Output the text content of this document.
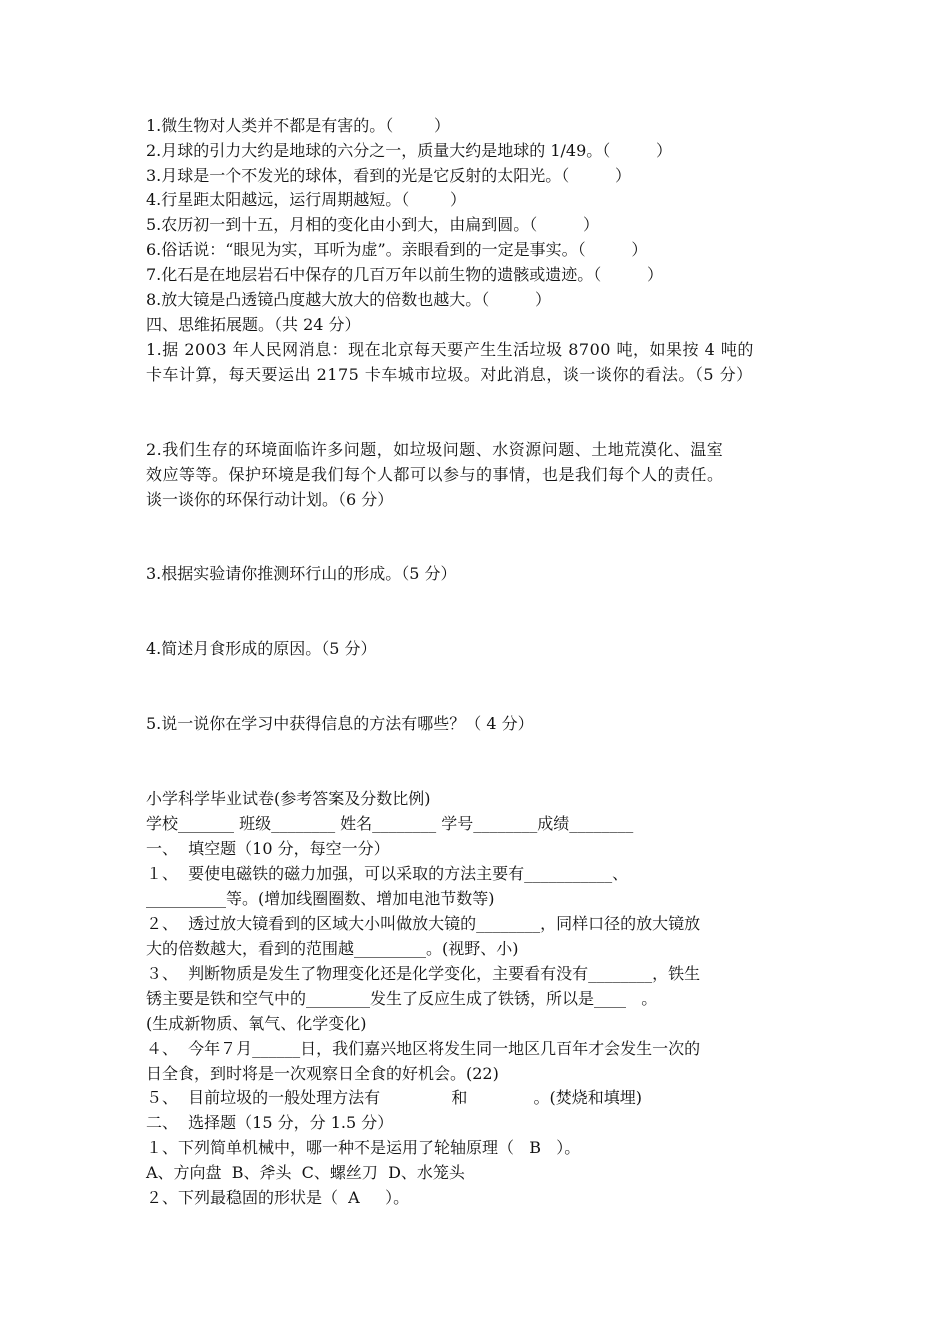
1.微生物对人类并不都是有害的。（        ）
2.月球的引力大约是地球的六分之一，质量大约是地球的 1/49。（         ）
3.月球是一个不发光的球体，看到的光是它反射的太阳光。（         ）
4.行星距太阳越远，运行周期越短。（        ）
5.农历初一到十五，月相的变化由小到大，由扁到圆。（         ）
6.俗话说：“眼见为实，耳听为虚”。亲眼看到的一定是事实。（         ）
7.化石是在地层岩石中保存的几百万年以前生物的遗骸或遗迹。（         ）
8.放大镜是凸透镜凸度越大放大的倍数也越大。（         ）
四、思维拓展题。（共 24 分）
1.据 2003 年人民网消息：现在北京每天要产生生活垃圾 8700 吨，如果按 4 吨的
卡车计算，每天要运出 2175 卡车城市垃圾。对此消息，谈一谈你的看法。（5 分）
2.我们生存的环境面临许多问题，如垃圾问题、水资源问题、土地荒漠化、温室
效应等等。保护环境是我们每个人都可以参与的事情，也是我们每个人的责任。
谈一谈你的环保行动计划。（6 分）
3.根据实验请你推测环行山的形成。（5 分）
4.简述月食形成的原因。（5 分）
5.说一说你在学习中获得信息的方法有哪些？（ 4 分）
小学科学毕业试卷(参考答案及分数比例)
学校_______ 班级________ 姓名________ 学号________成绩________
一、  填空题（10 分，每空一分）
１、  要使电磁铁的磁力加强，可以采取的方法主要有___________、
__________等。(增加线圈圈数、增加电池节数等)
２、  透过放大镜看到的区域大小叫做放大镜的________，同样口径的放大镜放
大的倍数越大，看到的范围越_________。(视野、小)
３、  判断物质是发生了物理变化还是化学变化，主要看有没有________，铁生
锈主要是铁和空气中的________发生了反应生成了铁锈，所以是____   。
(生成新物质、氧气、化学变化)
４、  今年７月______日，我们嘉兴地区将发生同一地区几百年才会发生一次的
日全食，到时将是一次观察日全食的好机会。(22)
５、  目前垃圾的一般处理方法有              和             。(焚烧和填埋)
二、  选择题（15 分，分 1.5 分）
１、下列简单机械中，哪一种不是运用了轮轴原理（   B   ）。
A、方向盘  B、斧头  C、螺丝刀  D、水笼头
２、下列最稳固的形状是（  A     ）。
